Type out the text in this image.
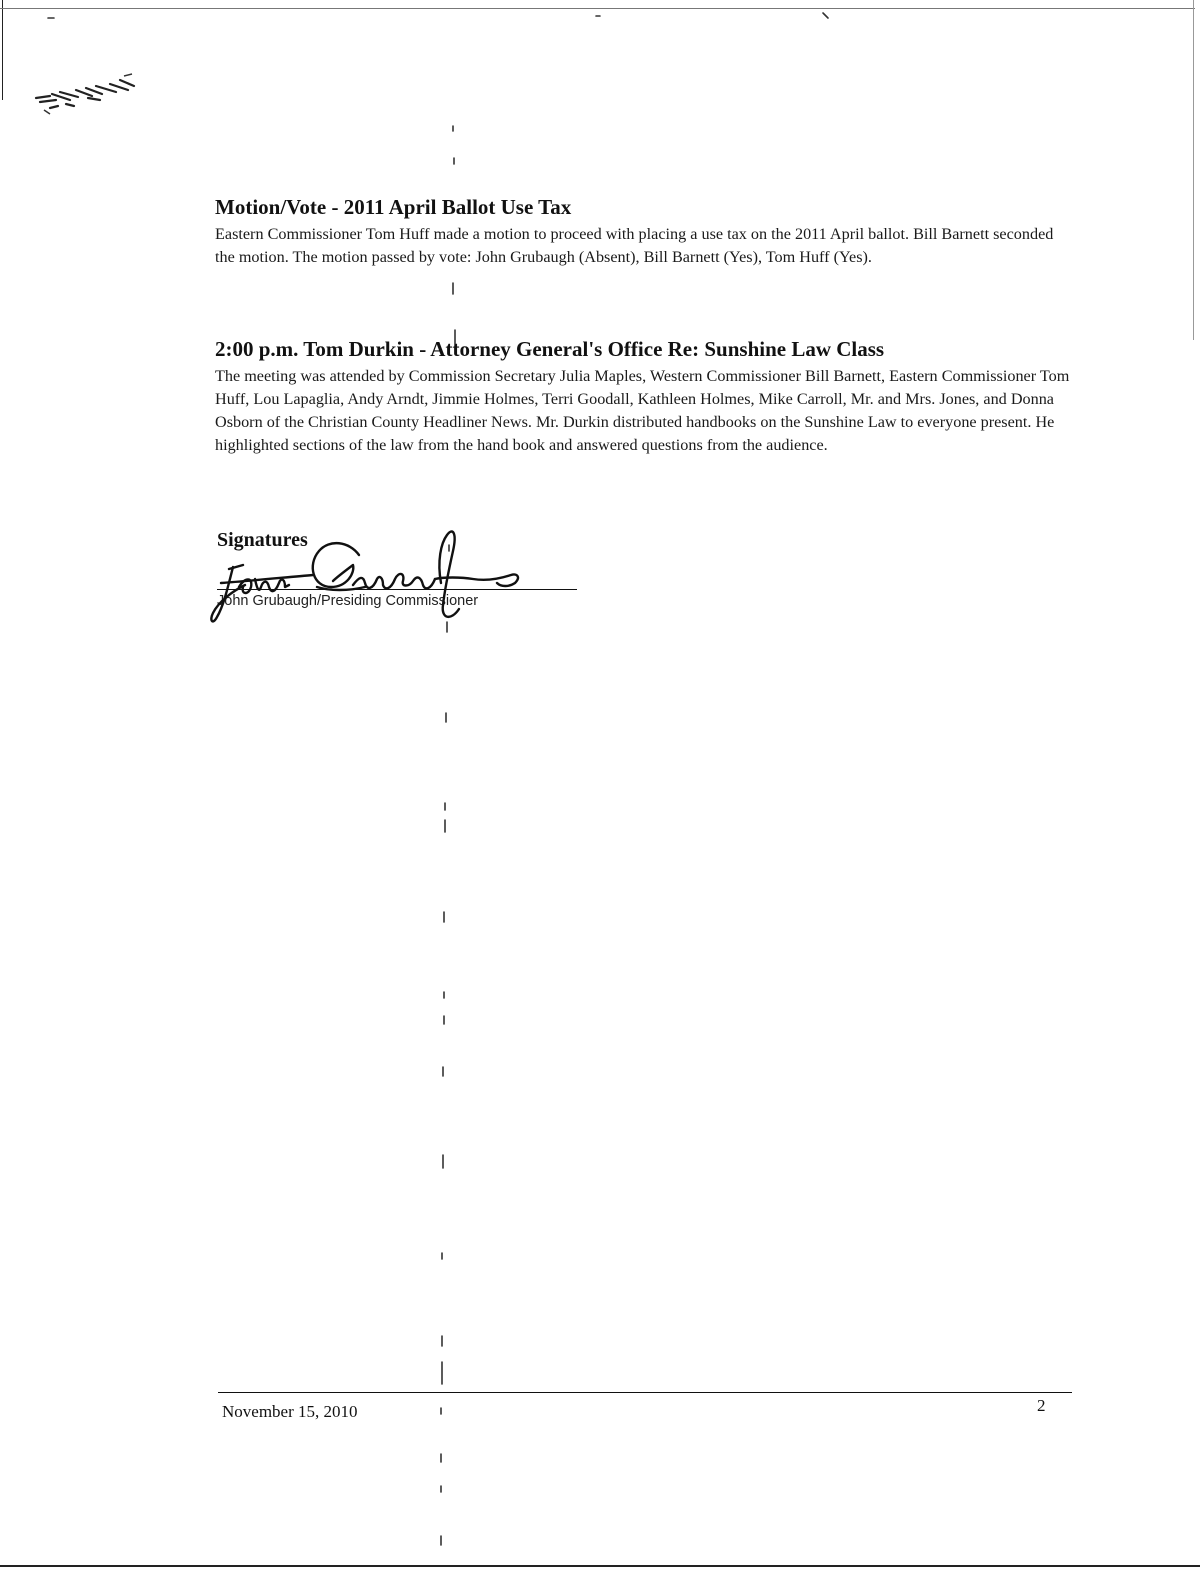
Motion/Vote - 2011 April Ballot Use Tax

Eastern Commissioner Tom Huff made a motion to proceed with placing a use tax on the 2011 April ballot. Bill Barnett seconded the motion. The motion passed by vote: John Grubaugh (Absent), Bill Barnett (Yes), Tom Huff (Yes).

2:00 p.m. Tom Durkin - Attorney General's Office Re: Sunshine Law Class

The meeting was attended by Commission Secretary Julia Maples, Western Commissioner Bill Barnett, Eastern Commissioner Tom Huff, Lou Lapaglia, Andy Arndt, Jimmie Holmes, Terri Goodall, Kathleen Holmes, Mike Carroll, Mr. and Mrs. Jones, and Donna Osborn of the Christian County Headliner News. Mr. Durkin distributed handbooks on the Sunshine Law to everyone present. He highlighted sections of the law from the hand book and answered questions from the audience.

Signatures
John Grubaugh/Presiding Commissioner
November 15, 2010	2
